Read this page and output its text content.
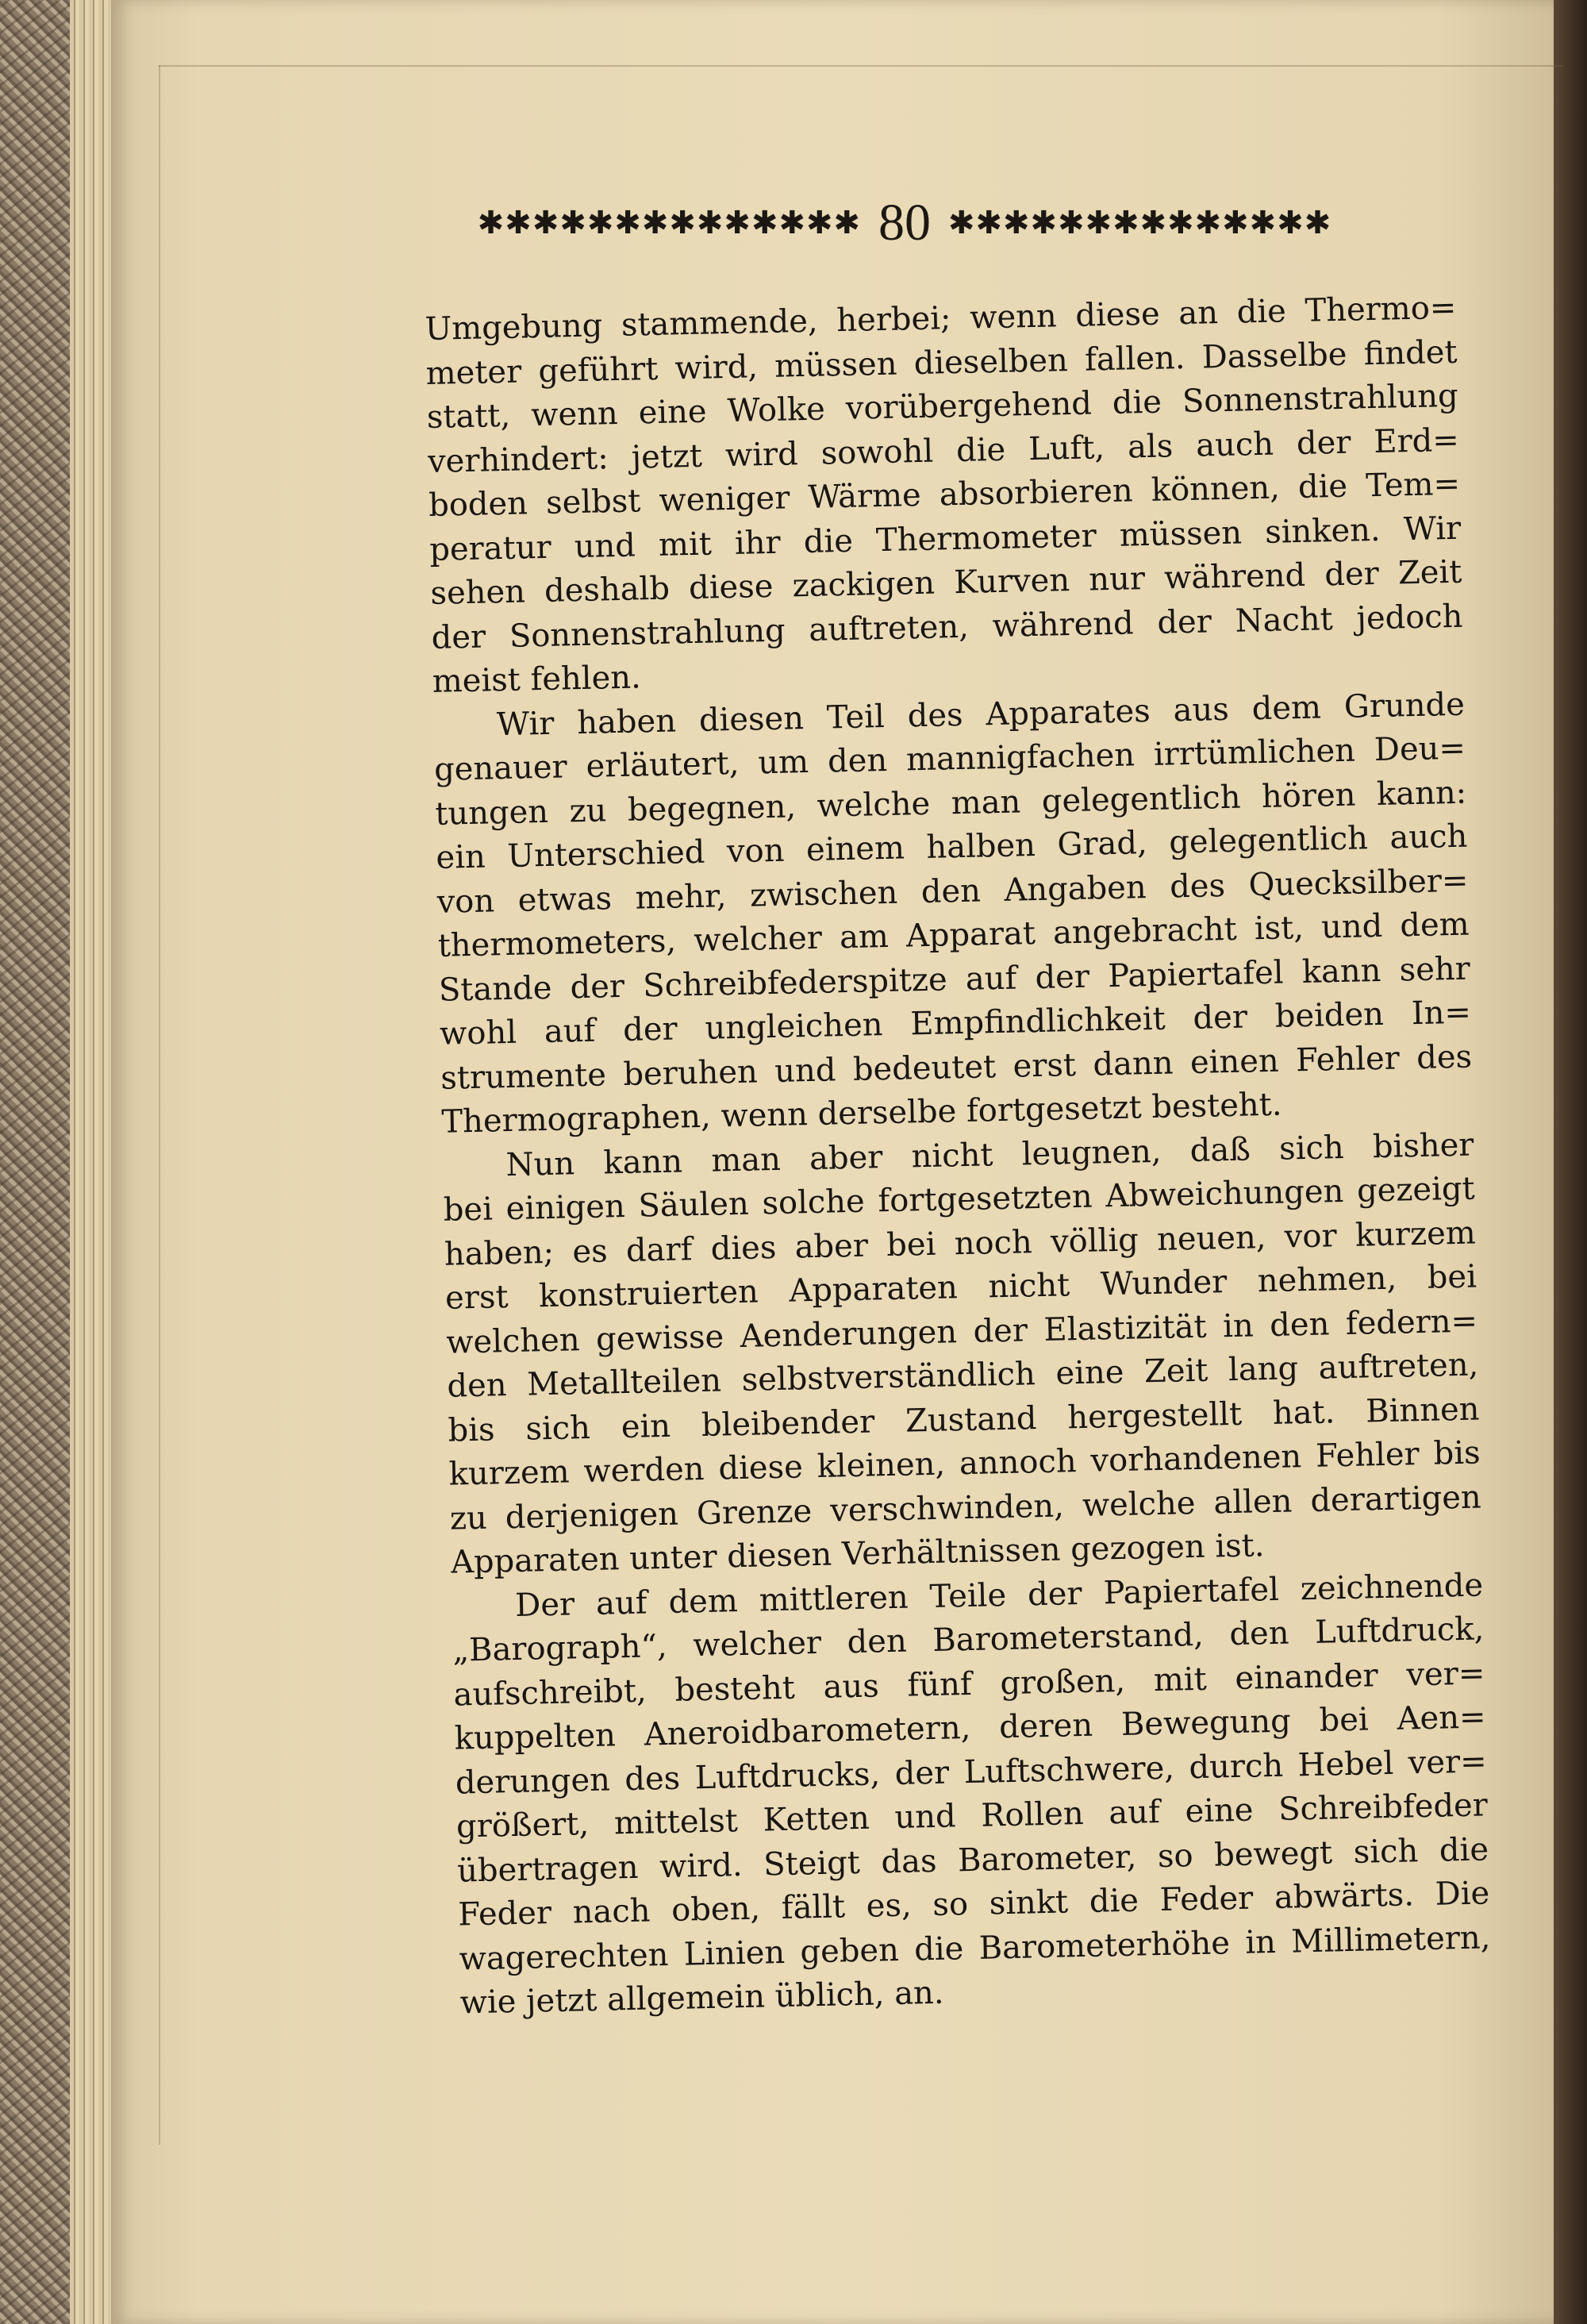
✱✱✱✱✱✱✱✱✱✱✱✱✱✱ 80 ✱✱✱✱✱✱✱✱✱✱✱✱✱✱
Umgebung stammende, herbei; wenn diese an die Thermo=
meter geführt wird, müssen dieselben fallen. Dasselbe findet
statt, wenn eine Wolke vorübergehend die Sonnenstrahlung
verhindert: jetzt wird sowohl die Luft, als auch der Erd=
boden selbst weniger Wärme absorbieren können, die Tem=
peratur und mit ihr die Thermometer müssen sinken. Wir
sehen deshalb diese zackigen Kurven nur während der Zeit
der Sonnenstrahlung auftreten, während der Nacht jedoch
meist fehlen.
Wir haben diesen Teil des Apparates aus dem Grunde
genauer erläutert, um den mannigfachen irrtümlichen Deu=
tungen zu begegnen, welche man gelegentlich hören kann:
ein Unterschied von einem halben Grad, gelegentlich auch
von etwas mehr, zwischen den Angaben des Quecksilber=
thermometers, welcher am Apparat angebracht ist, und dem
Stande der Schreibfederspitze auf der Papiertafel kann sehr
wohl auf der ungleichen Empfindlichkeit der beiden In=
strumente beruhen und bedeutet erst dann einen Fehler des
Thermographen, wenn derselbe fortgesetzt besteht.
Nun kann man aber nicht leugnen, daß sich bisher
bei einigen Säulen solche fortgesetzten Abweichungen gezeigt
haben; es darf dies aber bei noch völlig neuen, vor kurzem
erst konstruierten Apparaten nicht Wunder nehmen, bei
welchen gewisse Aenderungen der Elastizität in den federn=
den Metallteilen selbstverständlich eine Zeit lang auftreten,
bis sich ein bleibender Zustand hergestellt hat. Binnen
kurzem werden diese kleinen, annoch vorhandenen Fehler bis
zu derjenigen Grenze verschwinden, welche allen derartigen
Apparaten unter diesen Verhältnissen gezogen ist.
Der auf dem mittleren Teile der Papiertafel zeichnende
„Barograph“, welcher den Barometerstand, den Luftdruck,
aufschreibt, besteht aus fünf großen, mit einander ver=
kuppelten Aneroidbarometern, deren Bewegung bei Aen=
derungen des Luftdrucks, der Luftschwere, durch Hebel ver=
größert, mittelst Ketten und Rollen auf eine Schreibfeder
übertragen wird. Steigt das Barometer, so bewegt sich die
Feder nach oben, fällt es, so sinkt die Feder abwärts. Die
wagerechten Linien geben die Barometerhöhe in Millimetern,
wie jetzt allgemein üblich, an.
